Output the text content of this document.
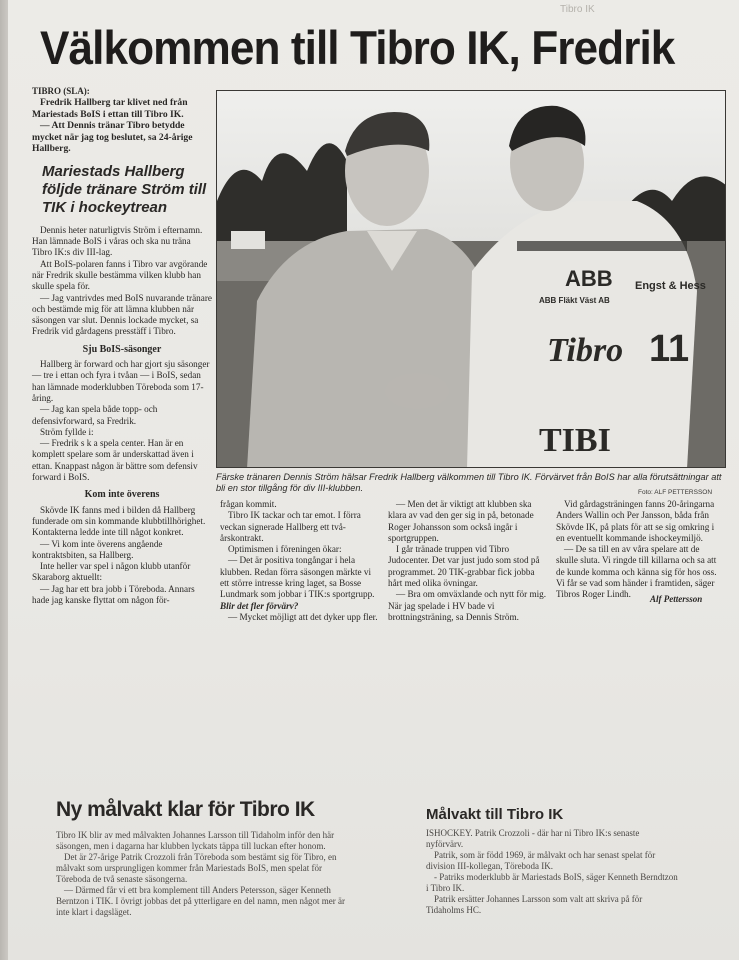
Tibro IK
Välkommen till Tibro IK, Fredrik

TIBRO (SLA):

Fredrik Hallberg tar klivet ned från Mariestads BoIS i ettan till Tibro IK.

— Att Dennis tränar Tibro betydde mycket när jag tog beslutet, sa 24-årige Hallberg.

Mariestads Hallberg följde tränare Ström till TIK i hockeytrean

Dennis heter naturligtvis Ström i efternamn. Han lämnade BoIS i våras och ska nu träna Tibro IK:s div III-lag.

Att BoIS-polaren fanns i Tibro var avgörande när Fredrik skulle bestämma vilken klubb han skulle spela för.

— Jag vantrivdes med BoIS nuvarande tränare och bestämde mig för att lämna klubben när säsongen var slut. Dennis lockade mycket, sa Fredrik vid gårdagens presstäff i Tibro.

Sju BoIS-säsonger

Hallberg är forward och har gjort sju säsonger — tre i ettan och fyra i tvåan — i BoIS, sedan han lämnade moderklubben Töreboda som 17-åring.

— Jag kan spela både topp- och defensivforward, sa Fredrik.

Ström fyllde i:

— Fredrik s k a spela center. Han är en komplett spelare som är underskattad även i ettan. Knappast någon är bättre som defensiv forward i BoIS.

Kom inte överens

Skövde IK fanns med i bilden då Hallberg funderade om sin kommande klubbtillhörighet. Kontakterna ledde inte till något konkret.

— Vi kom inte överens angående kontraktsbiten, sa Hallberg.

Inte heller var spel i någon klubb utanför Skaraborg aktuellt:

— Jag har ett bra jobb i Töreboda. Annars hade jag kanske flyttat om någon för-

ABB
ABB Fläkt Väst AB
Engst & Hess
Tibro 11
TIBI
Färske tränaren Dennis Ström hälsar Fredrik Hallberg välkommen till Tibro IK. Förvärvet från BoIS har alla förutsättningar att bli en stor tillgång för div III-klubben.	Foto: ALF PETTERSSON

frågan kommit.

Tibro IK tackar och tar emot. I förra veckan signerade Hallberg ett två-årskontrakt.

Optimismen i föreningen ökar:

— Det är positiva tongångar i hela klubben. Redan förra säsongen märkte vi ett större intresse kring laget, sa Bosse Lundmark som jobbar i TIK:s sportgrupp.

Blir det fler förvärv?

— Mycket möjligt att det dyker upp fler.

— Men det är viktigt att klubben ska klara av vad den ger sig in på, betonade Roger Johansson som också ingår i sportgruppen.

I går tränade truppen vid Tibro Judocenter. Det var just judo som stod på programmet. 20 TIK-grabbar fick jobba hårt med olika övningar.

— Bra om omväxlande och nytt för mig. När jag spelade i HV bade vi brottningsträning, sa Dennis Ström.

Vid gårdagsträningen fanns 20-åringarna Anders Wallin och Per Jansson, båda från Skövde IK, på plats för att se sig omkring i en eventuellt kommande ishockeymiljö.

— De sa till en av våra spelare att de skulle sluta. Vi ringde till killarna och sa att de kunde komma och känna sig för hos oss. Vi får se vad som händer i framtiden, säger Tibros Roger Lindh.	Alf Pettersson
Ny målvakt klar för Tibro IK

Tibro IK blir av med målvakten Johannes Larsson till Tidaholm inför den här säsongen, men i dagarna har klubben lyckats täppa till luckan efter honom.

Det är 27-årige Patrik Crozzoli från Töreboda som bestämt sig för Tibro, en målvakt som ursprungligen kommer från Mariestads BoIS, men spelat för Töreboda de två senaste säsongerna.

— Därmed får vi ett bra komplement till Anders Petersson, säger Kenneth Berntzon i TIK. I övrigt jobbas det på ytterligare en del namn, men något mer är inte klart i dagsläget.

Målvakt till Tibro IK

ISHOCKEY. Patrik Crozzoli - där har ni Tibro IK:s senaste nyförvärv.

Patrik, som är född 1969, är målvakt och har senast spelat för division III-kollegan, Töreboda IK.

- Patriks moderklubb är Mariestads BoIS, säger Kenneth Berndtzon i Tibro IK.

Patrik ersätter Johannes Larsson som valt att skriva på för Tidaholms HC.
